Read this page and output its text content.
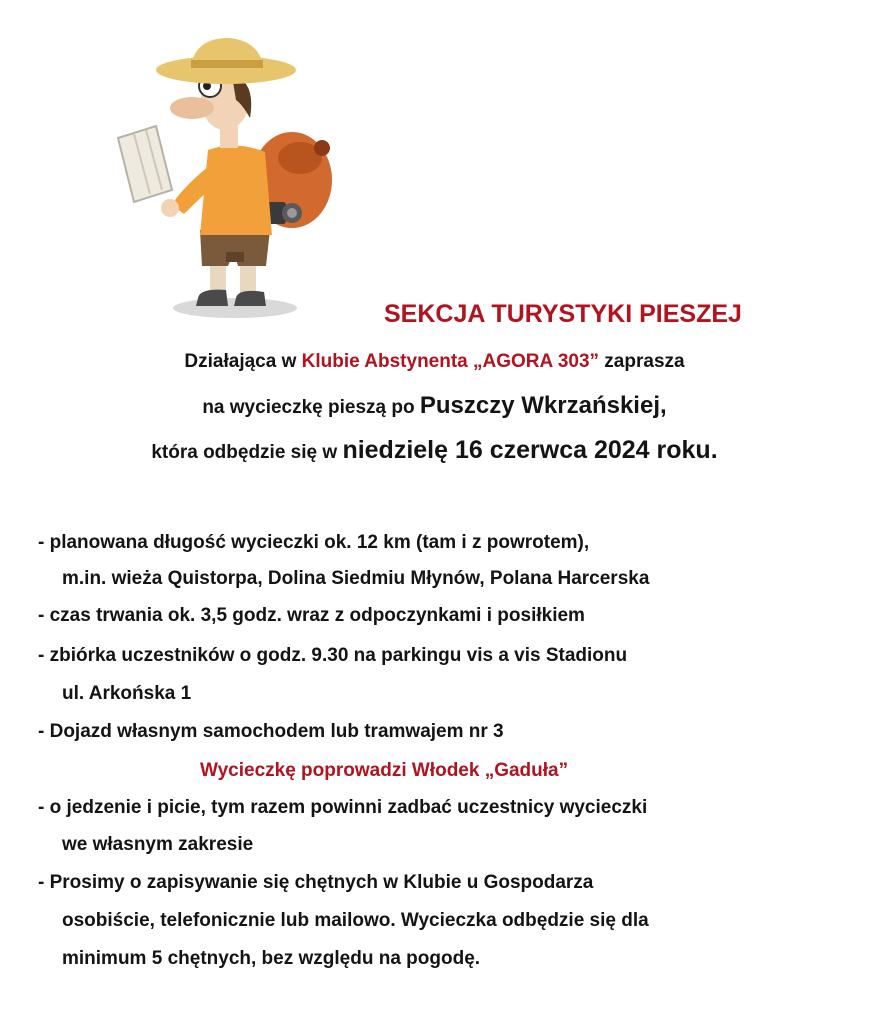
SEKCJA TURYSTYKI PIESZEJ
Działająca w Klubie Abstynenta „AGORA 303” zaprasza
na wycieczkę pieszą po Puszczy Wkrzańskiej,
która odbędzie się w niedzielę 16 czerwca 2024 roku.
- planowana długość wycieczki ok. 12 km (tam i z powrotem),
m.in. wieża Quistorpa, Dolina Siedmiu Młynów, Polana Harcerska
- czas trwania ok. 3,5 godz. wraz z odpoczynkami i posiłkiem
- zbiórka uczestników o godz. 9.30 na parkingu vis a vis Stadionu
ul. Arkońska 1
- Dojazd własnym samochodem lub tramwajem nr 3
Wycieczkę poprowadzi Włodek „Gaduła”
- o jedzenie i picie, tym razem powinni zadbać uczestnicy wycieczki
we własnym zakresie
- Prosimy o zapisywanie się chętnych w Klubie u Gospodarza
osobiście, telefonicznie lub mailowo. Wycieczka odbędzie się dla
minimum 5 chętnych, bez względu na pogodę.
